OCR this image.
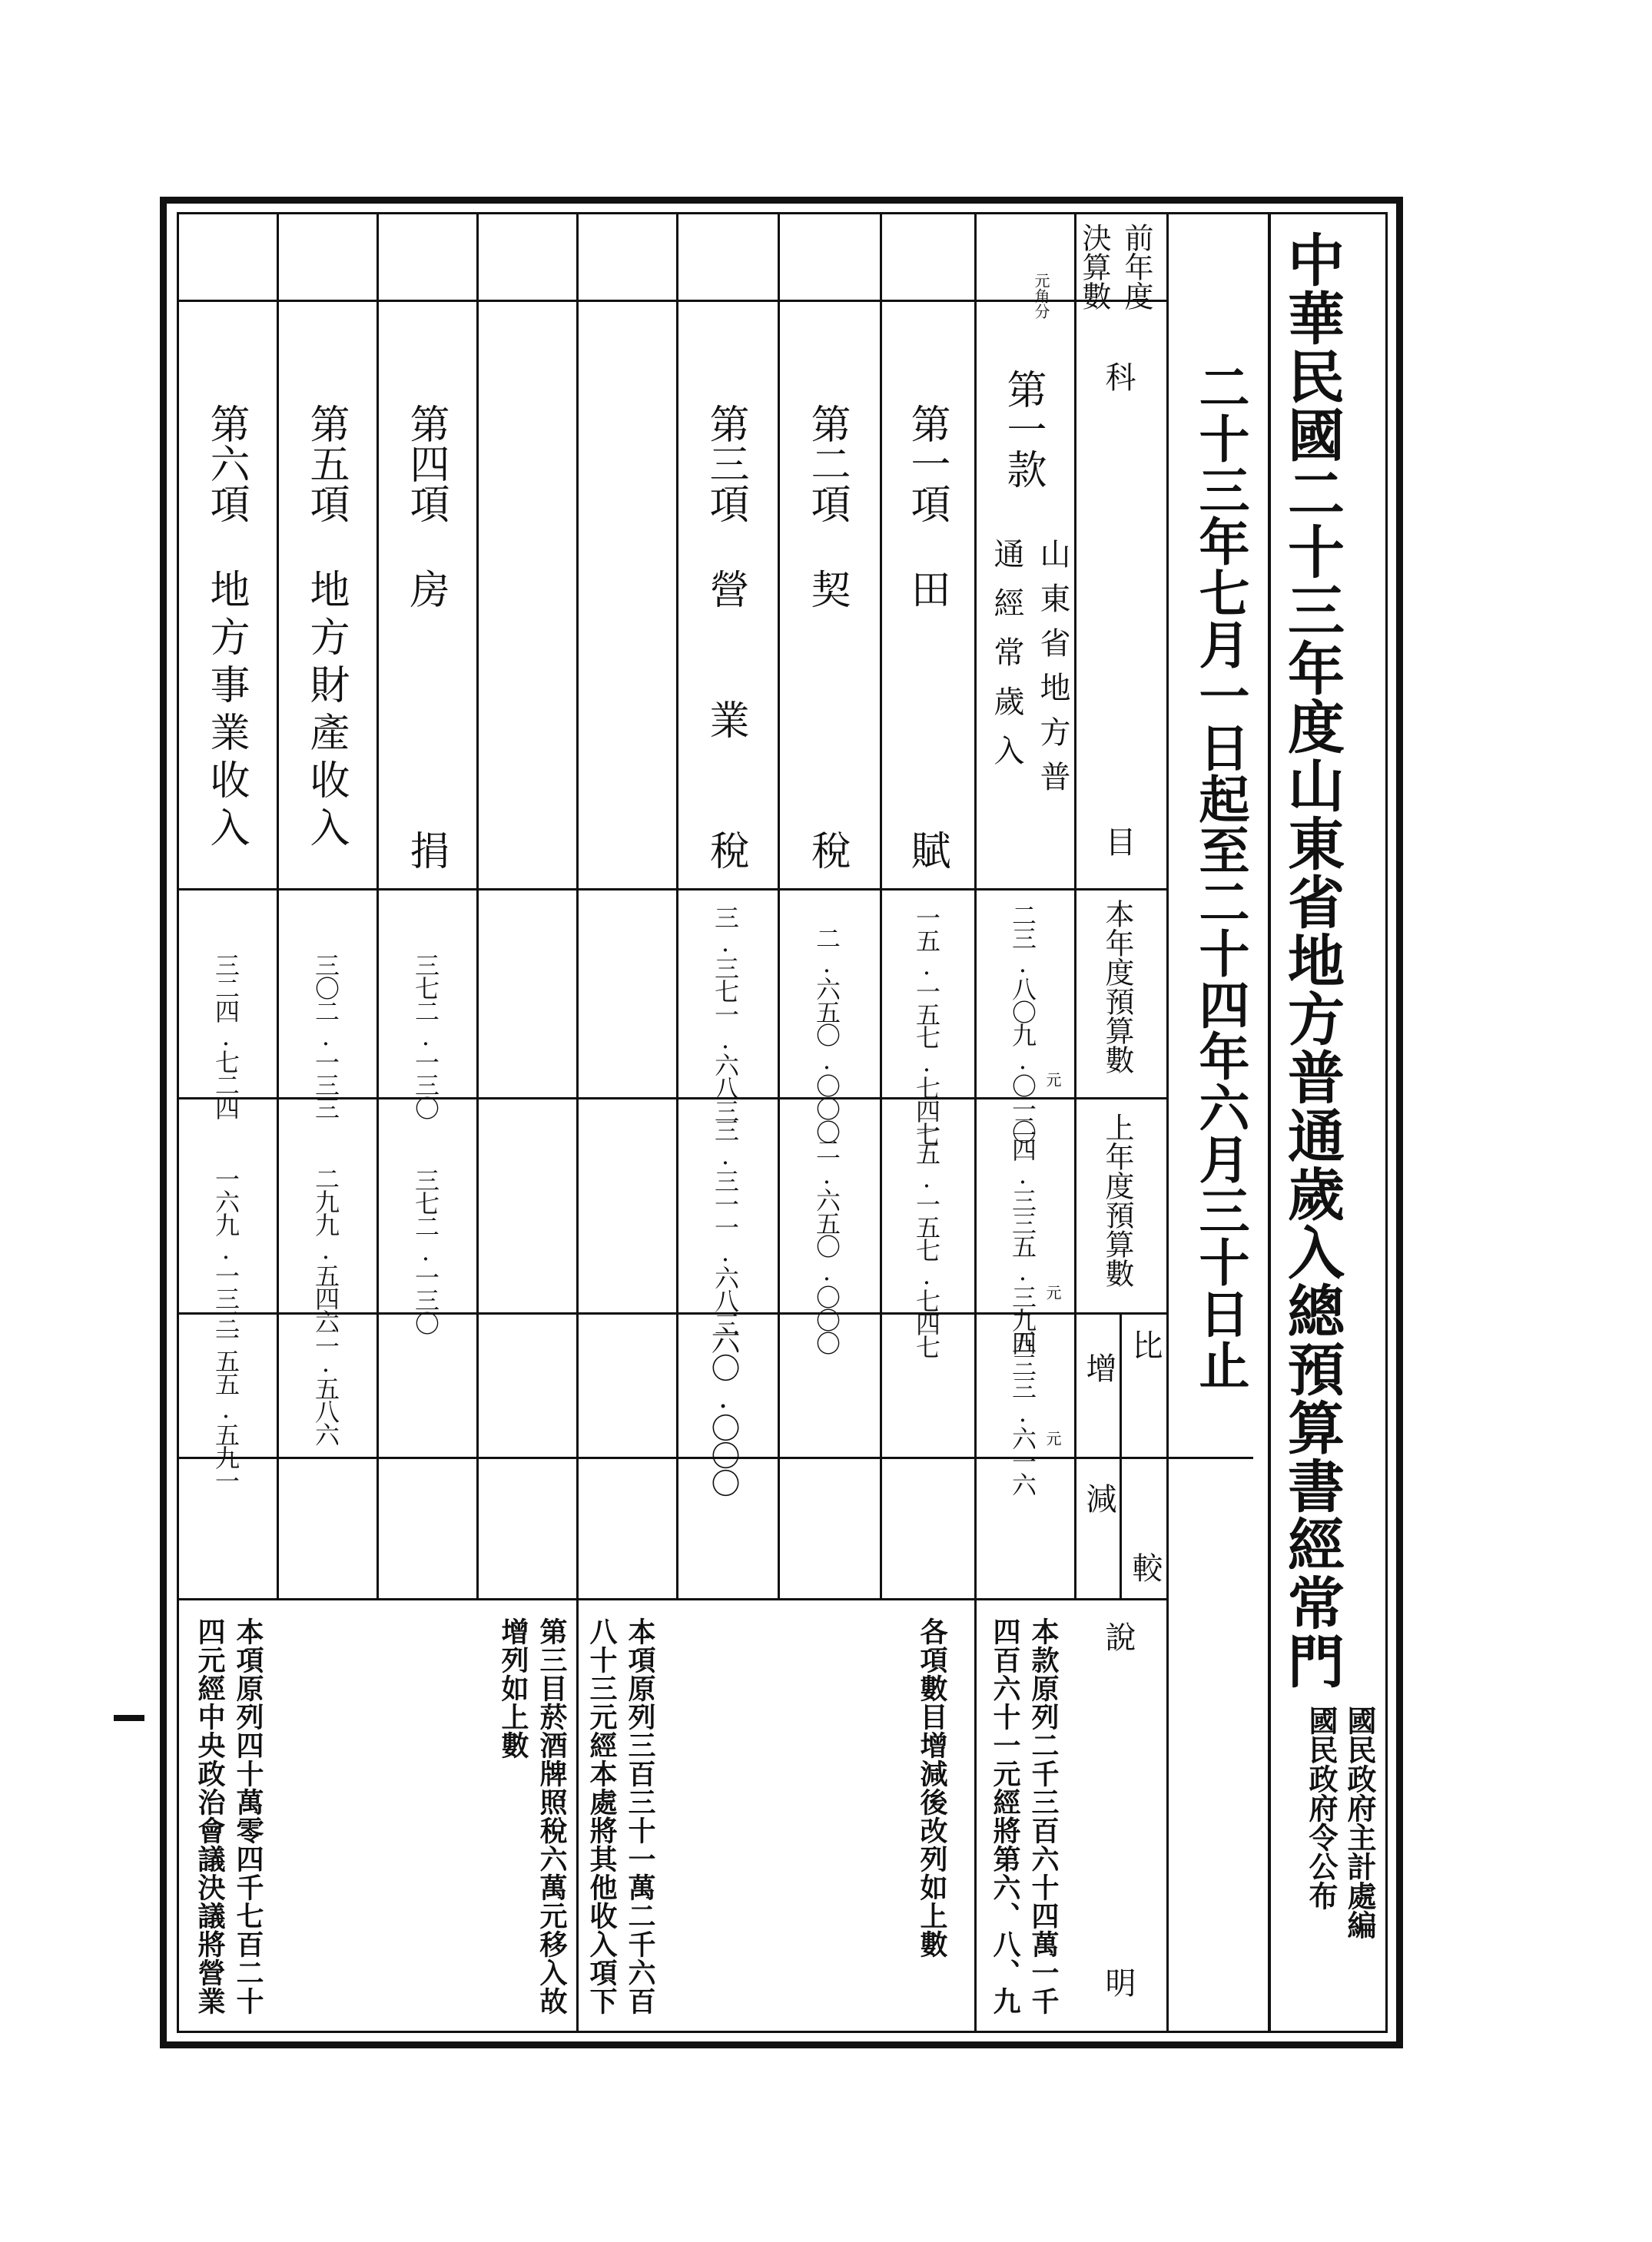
中華民國二十三年度山東省地方普通歲入總預算書經常門
國民政府主計處編
國民政府令公布
二十三年七月一日起至二十四年六月三十日止
前年度
決算數
元角分
科
目
本年度預算數
上年度預算數
比
較
增
減
說
明
第一款
山東省地方普
通經常歲入
二三.八〇九.〇一〇 元
二四.三三五.三九四 元
五三三.六一六 元
第一項
田
賦
一五.一五七.七四七
一五.一五七.七四七
第二項
契
稅
二.六五〇.〇〇〇
二.六五〇.〇〇〇
第三項
營
業
稅
三.三七一.六八三
三.三一一.六八三
六〇.〇〇〇
第四項
房
捐
三七二.一三〇
三七二.一三〇
第五項
地方財產收入
三〇二.一三三
二九九.五四六
二.五八六
第六項
地方事業收入
三二四.七二四
一六九.一三三
一五五.五九一
本款原列二千三百六十四萬一千
四百六十一元經將第六、八、九
各項數目增減後改列如上數
本項原列三百三十一萬二千六百
八十三元經本處將其他收入項下
第三目菸酒牌照稅六萬元移入故
增列如上數
本項原列四十萬零四千七百二十
四元經中央政治會議決議將營業
